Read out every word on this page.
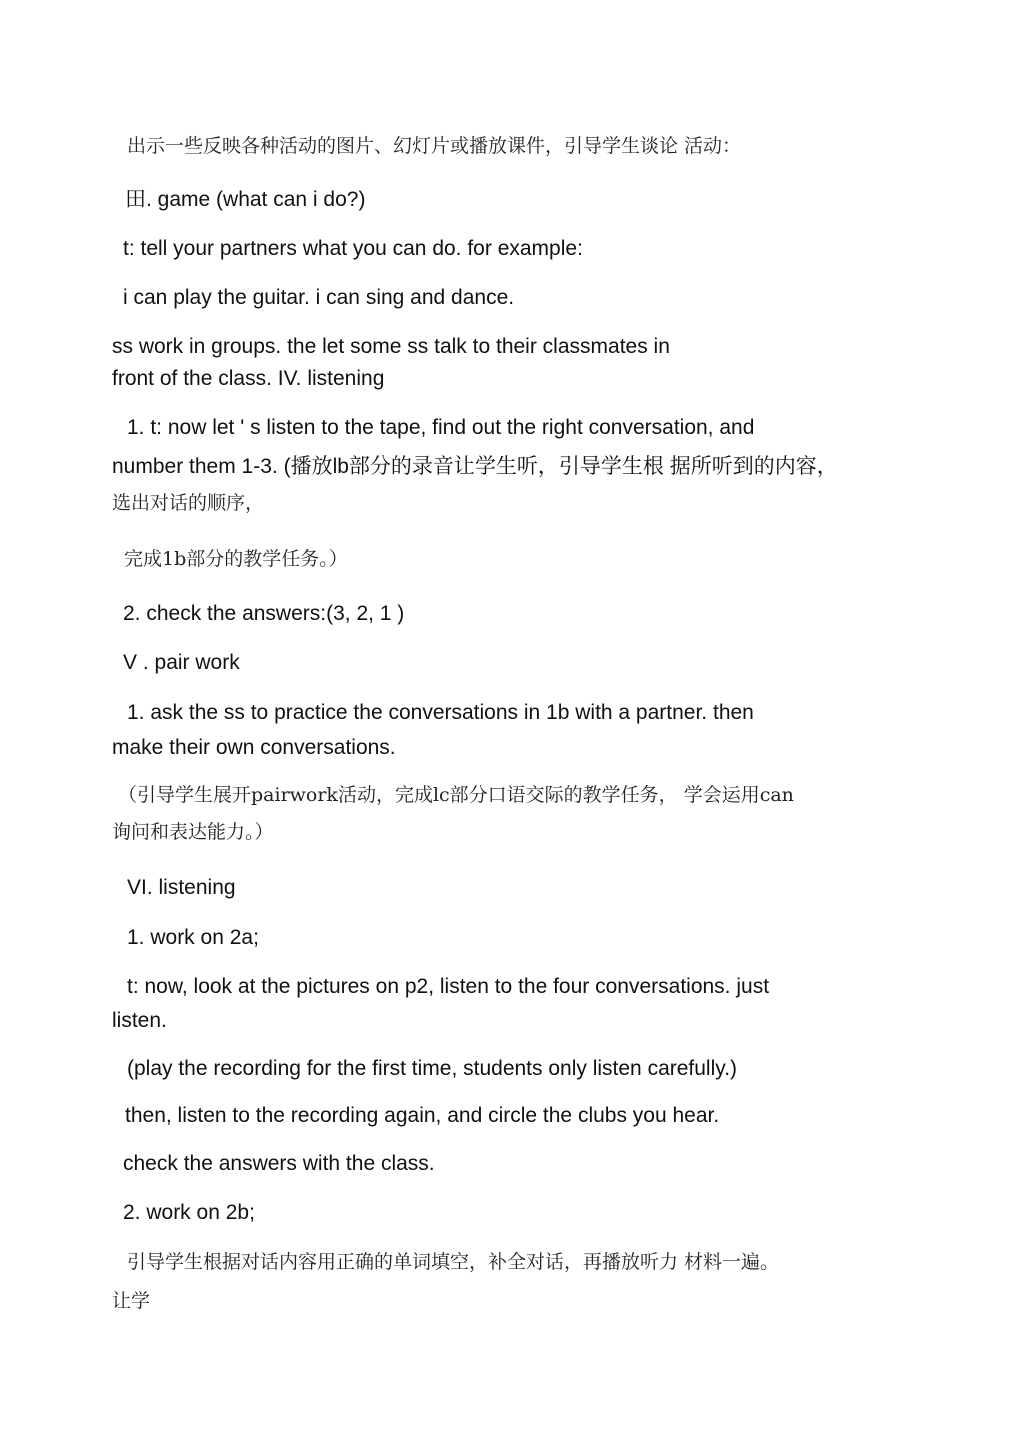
出示一些反映各种活动的图片、幻灯片或播放课件，引导学生谈论 活动：

田. game (what can i do?)

t: tell your partners what you can do. for example:

i can play the guitar. i can sing and dance.

ss work in groups. the let some ss talk to their classmates in

front of the class. IV. listening

1. t: now let ' s listen to the tape, find out the right conversation, and

number them 1-3. (播放lb部分的录音让学生听，引导学生根 据所听到的内容，

选出对话的顺序，

完成1b部分的教学任务。）

2. check the answers:(3, 2, 1 )

V . pair work

1. ask the ss to practice the conversations in 1b with a partner. then

make their own conversations.

（引导学生展开pairwork活动，完成lc部分口语交际的教学任务， 学会运用can

询问和表达能力。）

VI. listening

1. work on 2a;

t: now, look at the pictures on p2, listen to the four conversations. just

listen.

(play the recording for the first time, students only listen carefully.)

then, listen to the recording again, and circle the clubs you hear.

check the answers with the class.

2. work on 2b;

引导学生根据对话内容用正确的单词填空，补全对话，再播放听力 材料一遍。

让学
